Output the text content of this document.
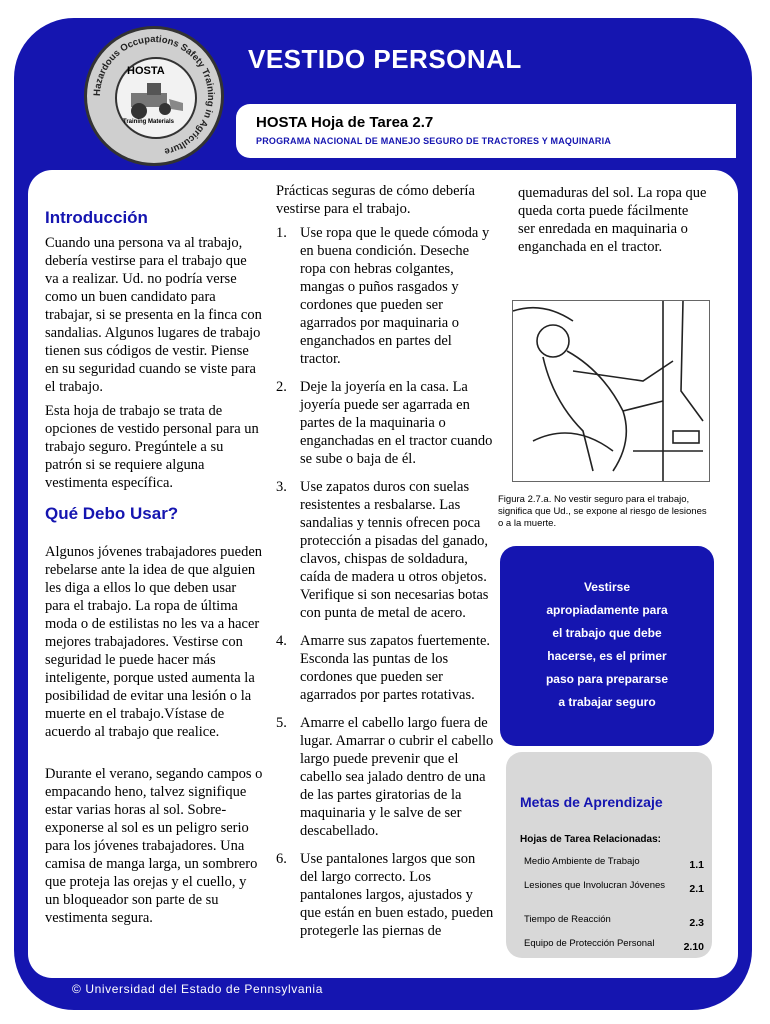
Hazardous Occupations Safety Training in Agriculture
HOSTA
Training Materials
VESTIDO PERSONAL
HOSTA Hoja de Tarea 2.7
PROGRAMA NACIONAL DE MANEJO SEGURO DE TRACTORES Y MAQUINARIA
Introducción
Cuando una persona va al trabajo, debería vestirse para el trabajo que va a realizar. Ud. no podría verse como un buen candidato para trabajar, si se presenta en la finca con sandalias. Algunos lugares de trabajo tienen sus códigos de vestir. Piense en su seguridad cuando se viste para el trabajo.
Esta hoja de trabajo se trata de opciones de vestido personal para un trabajo seguro. Pregúntele a su patrón si se requiere alguna vestimenta específica.
Qué Debo Usar?
Algunos jóvenes trabajadores pueden rebelarse ante la idea de que alguien les diga a ellos lo que deben usar para el trabajo. La ropa de última moda o de estilistas no les va a hacer mejores trabajadores. Vestirse con seguridad le puede hacer más inteligente, porque usted aumenta la posibilidad de evitar una lesión o la muerte en el trabajo.Vístase de acuerdo al trabajo que realice.
Durante el verano, segando campos o empacando heno, talvez signifique estar varias horas al sol. Sobre-exponerse al sol es un peligro serio para los jóvenes trabajadores. Una camisa de manga larga, un sombrero que proteja las orejas y el cuello, y un bloqueador son parte de su vestimenta segura.
Prácticas seguras de cómo debería vestirse para el trabajo.
1. Use ropa que le quede cómoda y en buena condición. Deseche ropa con hebras colgantes, mangas o puños rasgados y cordones que pueden ser agarrados por maquinaria o enganchados en partes del tractor.
2. Deje la joyería en la casa. La joyería puede ser agarrada en partes de la maquinaria o enganchadas en el tractor cuando se sube o baja de él.
3. Use zapatos duros con suelas resistentes a resbalarse. Las sandalias y tennis ofrecen poca protección a pisadas del ganado, clavos, chispas de soldadura, caída de madera u otros objetos. Verifique si son necesarias botas con punta de metal de acero.
4. Amarre sus zapatos fuertemente. Esconda las puntas de los cordones que pueden ser agarrados por partes rotativas.
5. Amarre el cabello largo fuera de lugar. Amarrar o cubrir el cabello largo puede prevenir que el cabello sea jalado dentro de una de las partes giratorias de la maquinaria y le salve de ser descabellado.
6. Use pantalones largos que son del largo correcto. Los pantalones largos, ajustados y que están en buen estado, pueden protegerle las piernas de
quemaduras del sol. La ropa que queda corta puede fácilmente ser enredada en maquinaria o enganchada en el tractor.
Figura 2.7.a. No vestir seguro para el trabajo, significa que Ud., se expone al riesgo de lesiones o a la muerte.
Vestirse
apropiadamente para
el trabajo que debe
hacerse, es el primer
paso para prepararse
a trabajar seguro
Metas de Aprendizaje
Hojas de Tarea Relacionadas:
Medio Ambiente de Trabajo	1.1
Lesiones que Involucran Jóvenes 2.1
Tiempo de Reacción	2.3
Equipo de Protección Personal	2.10
© Universidad del Estado de Pennsylvania
